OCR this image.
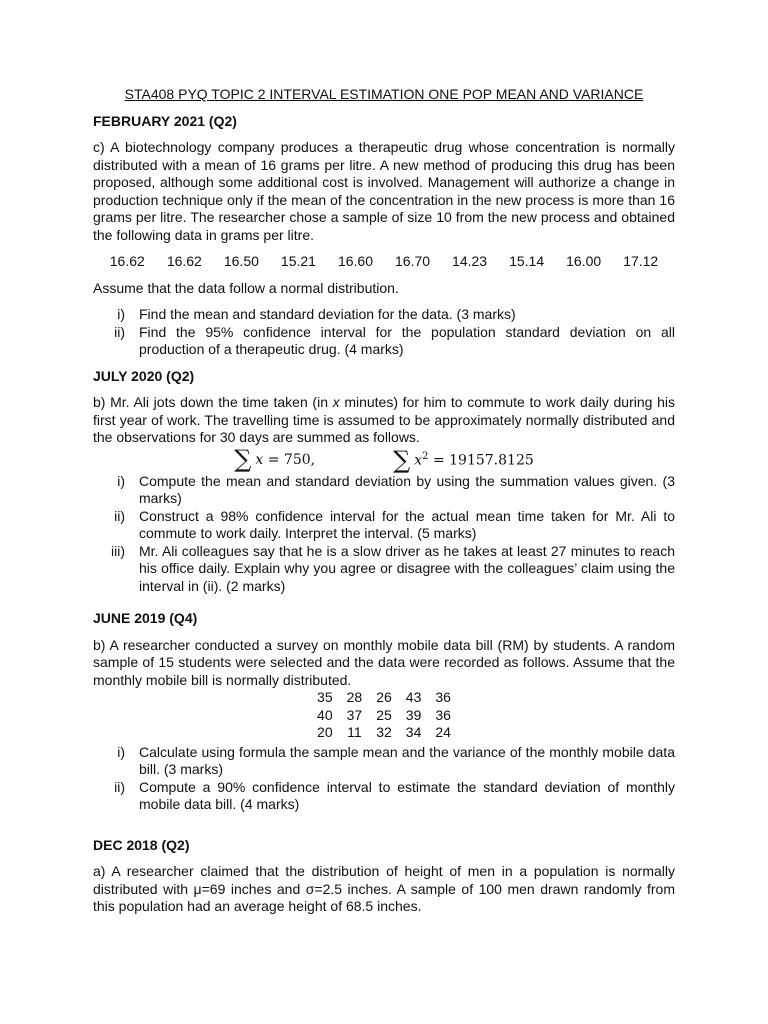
STA408 PYQ TOPIC 2 INTERVAL ESTIMATION ONE POP MEAN AND VARIANCE

FEBRUARY 2021 (Q2)

c) A biotechnology company produces a therapeutic drug whose concentration is normally distributed with a mean of 16 grams per litre. A new method of producing this drug has been proposed, although some additional cost is involved. Management will authorize a change in production technique only if the mean of the concentration in the new process is more than 16 grams per litre. The researcher chose a sample of size 10 from the new process and obtained the following data in grams per litre.

16.62 16.62 16.50 15.21 16.60 16.70 14.23 15.14 16.00 17.12

Assume that the data follow a normal distribution.

i)	Find the mean and standard deviation for the data. (3 marks)
ii)	Find the 95% confidence interval for the population standard deviation on all production of a therapeutic drug. (4 marks)

JULY 2020 (Q2)

b) Mr. Ali jots down the time taken (in x minutes) for him to commute to work daily during his first year of work. The travelling time is assumed to be approximately normally distributed and the observations for 30 days are summed as follows.

∑ x = 750,	∑ $x^2 = 19157.8125$
i)	Compute the mean and standard deviation by using the summation values given. (3 marks)
ii)	Construct a 98% confidence interval for the actual mean time taken for Mr. Ali to commute to work daily. Interpret the interval. (5 marks)
iii)	Mr. Ali colleagues say that he is a slow driver as he takes at least 27 minutes to reach his office daily. Explain why you agree or disagree with the colleagues’ claim using the interval in (ii). (2 marks)

JUNE 2019 (Q4)

b) A researcher conducted a survey on monthly mobile data bill (RM) by students. A random sample of 15 students were selected and the data were recorded as follows. Assume that the monthly mobile bill is normally distributed.

35	28	26	43	36
40	37	25	39	36
20	11	32	34	24
i)	Calculate using formula the sample mean and the variance of the monthly mobile data bill. (3 marks)
ii)	Compute a 90% confidence interval to estimate the standard deviation of monthly mobile data bill. (4 marks)

DEC 2018 (Q2)

a) A researcher claimed that the distribution of height of men in a population is normally distributed with μ=69 inches and σ=2.5 inches. A sample of 100 men drawn randomly from this population had an average height of 68.5 inches.
